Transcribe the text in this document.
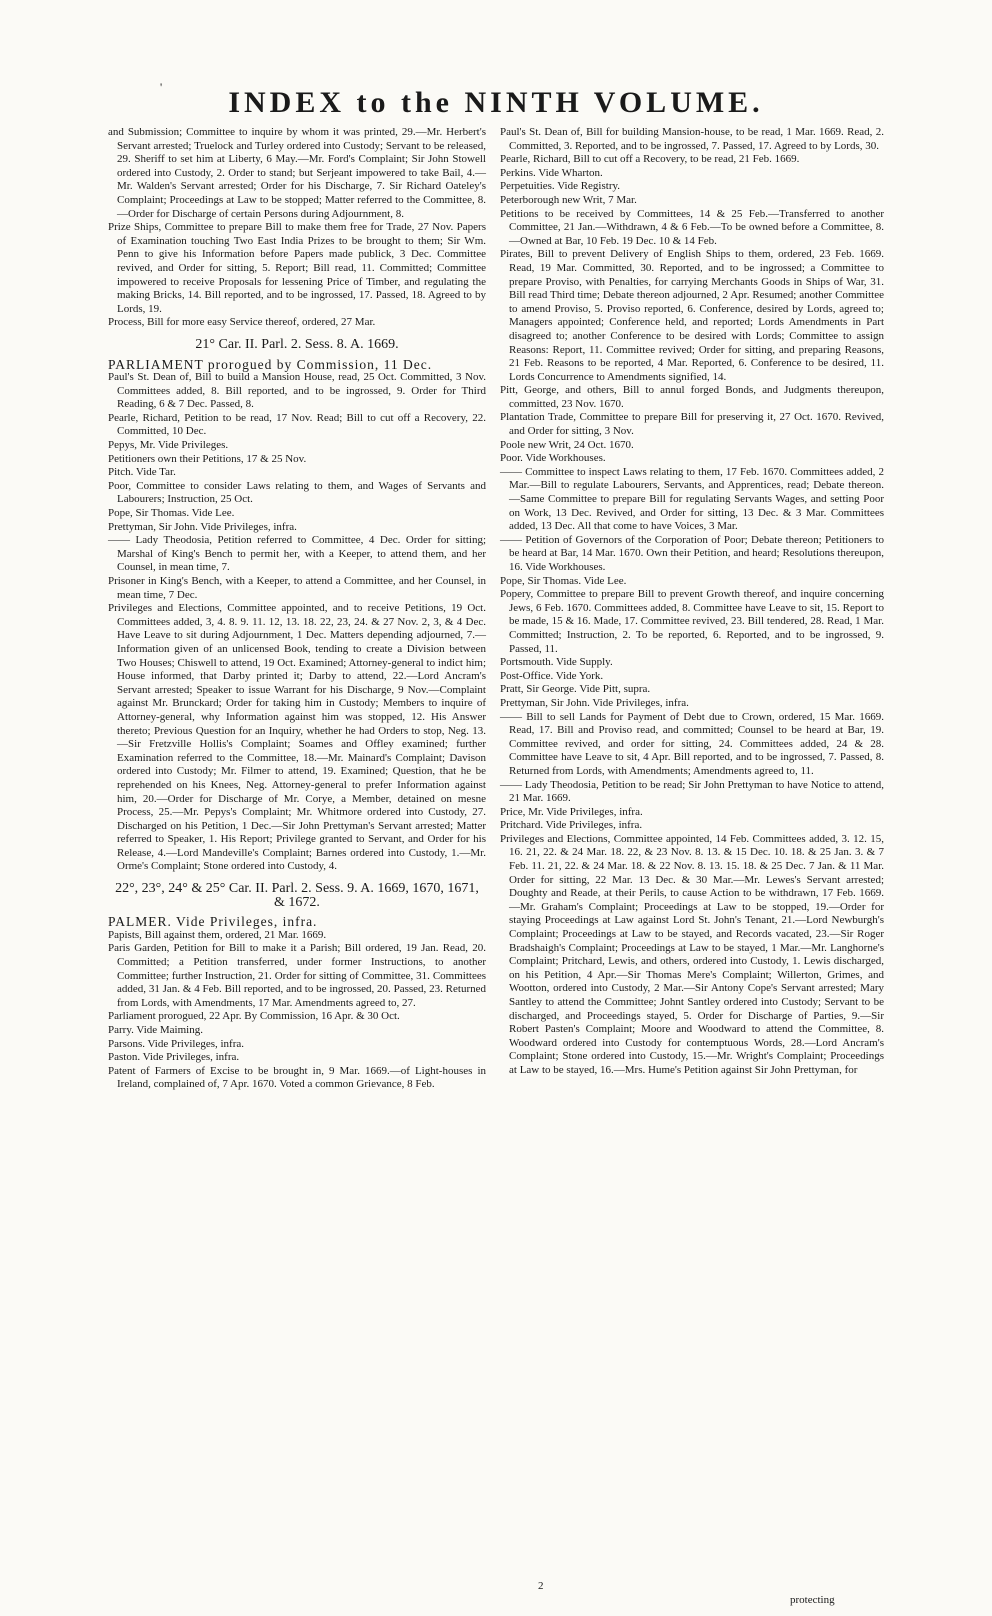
' INDEX to the NINTH VOLUME.

and Submission; Committee to inquire by whom it was printed, 29.—Mr. Herbert's Servant arrested; Truelock and Turley ordered into Custody; Servant to be released, 29. Sheriff to set him at Liberty, 6 May.—Mr. Ford's Complaint; Sir John Stowell ordered into Custody, 2. Order to stand; but Serjeant impowered to take Bail, 4.—Mr. Walden's Servant arrested; Order for his Discharge, 7. Sir Richard Oateley's Complaint; Proceedings at Law to be stopped; Matter referred to the Committee, 8.—Order for Discharge of certain Persons during Adjournment, 8.

Prize Ships, Committee to prepare Bill to make them free for Trade, 27 Nov. Papers of Examination touching Two East India Prizes to be brought to them; Sir Wm. Penn to give his Information before Papers made publick, 3 Dec. Committee revived, and Order for sitting, 5. Report; Bill read, 11. Committed; Committee impowered to receive Proposals for lessening Price of Timber, and regulating the making Bricks, 14. Bill reported, and to be ingrossed, 17. Passed, 18. Agreed to by Lords, 19.

Process, Bill for more easy Service thereof, ordered, 27 Mar.

21° Car. II. Parl. 2. Sess. 8. A. 1669.

PARLIAMENT prorogued by Commission, 11 Dec.

Paul's St. Dean of, Bill to build a Mansion House, read, 25 Oct. Committed, 3 Nov. Committees added, 8. Bill reported, and to be ingrossed, 9. Order for Third Reading, 6 & 7 Dec. Passed, 8.

Pearle, Richard, Petition to be read, 17 Nov. Read; Bill to cut off a Recovery, 22. Committed, 10 Dec.

Pepys, Mr. Vide Privileges.

Petitioners own their Petitions, 17 & 25 Nov.

Pitch. Vide Tar.

Poor, Committee to consider Laws relating to them, and Wages of Servants and Labourers; Instruction, 25 Oct.

Pope, Sir Thomas. Vide Lee.

Prettyman, Sir John. Vide Privileges, infra.

—— Lady Theodosia, Petition referred to Committee, 4 Dec. Order for sitting; Marshal of King's Bench to permit her, with a Keeper, to attend them, and her Counsel, in mean time, 7.

Prisoner in King's Bench, with a Keeper, to attend a Committee, and her Counsel, in mean time, 7 Dec.

Privileges and Elections, Committee appointed, and to receive Petitions, 19 Oct. Committees added, 3, 4. 8. 9. 11. 12, 13. 18. 22, 23, 24. & 27 Nov. 2, 3, & 4 Dec. Have Leave to sit during Adjournment, 1 Dec. Matters depending adjourned, 7.—Information given of an unlicensed Book, tending to create a Division between Two Houses; Chiswell to attend, 19 Oct. Examined; Attorney-general to indict him; House informed, that Darby printed it; Darby to attend, 22.—Lord Ancram's Servant arrested; Speaker to issue Warrant for his Discharge, 9 Nov.—Complaint against Mr. Brunckard; Order for taking him in Custody; Members to inquire of Attorney-general, why Information against him was stopped, 12. His Answer thereto; Previous Question for an Inquiry, whether he had Orders to stop, Neg. 13.—Sir Fretzville Hollis's Complaint; Soames and Offley examined; further Examination referred to the Committee, 18.—Mr. Mainard's Complaint; Davison ordered into Custody; Mr. Filmer to attend, 19. Examined; Question, that he be reprehended on his Knees, Neg. Attorney-general to prefer Information against him, 20.—Order for Discharge of Mr. Corye, a Member, detained on mesne Process, 25.—Mr. Pepys's Complaint; Mr. Whitmore ordered into Custody, 27. Discharged on his Petition, 1 Dec.—Sir John Prettyman's Servant arrested; Matter referred to Speaker, 1. His Report; Privilege granted to Servant, and Order for his Release, 4.—Lord Mandeville's Complaint; Barnes ordered into Custody, 1.—Mr. Orme's Complaint; Stone ordered into Custody, 4.

22°, 23°, 24° & 25° Car. II. Parl. 2. Sess. 9. A. 1669, 1670, 1671, & 1672.

PALMER. Vide Privileges, infra.

Papists, Bill against them, ordered, 21 Mar. 1669.

Paris Garden, Petition for Bill to make it a Parish; Bill ordered, 19 Jan. Read, 20. Committed; a Petition transferred, under former Instructions, to another Committee; further Instruction, 21. Order for sitting of Committee, 31. Committees added, 31 Jan. & 4 Feb. Bill reported, and to be ingrossed, 20. Passed, 23. Returned from Lords, with Amendments, 17 Mar. Amendments agreed to, 27.

Parliament prorogued, 22 Apr. By Commission, 16 Apr. & 30 Oct.

Parry. Vide Maiming.

Parsons. Vide Privileges, infra.

Paston. Vide Privileges, infra.

Patent of Farmers of Excise to be brought in, 9 Mar. 1669.—of Light-houses in Ireland, complained of, 7 Apr. 1670. Voted a common Grievance, 8 Feb.

Paul's St. Dean of, Bill for building Mansion-house, to be read, 1 Mar. 1669. Read, 2. Committed, 3. Reported, and to be ingrossed, 7. Passed, 17. Agreed to by Lords, 30.

Pearle, Richard, Bill to cut off a Recovery, to be read, 21 Feb. 1669.

Perkins. Vide Wharton.

Perpetuities. Vide Registry.

Peterborough new Writ, 7 Mar.

Petitions to be received by Committees, 14 & 25 Feb.—Transferred to another Committee, 21 Jan.—Withdrawn, 4 & 6 Feb.—To be owned before a Committee, 8.—Owned at Bar, 10 Feb. 19 Dec. 10 & 14 Feb.

Pirates, Bill to prevent Delivery of English Ships to them, ordered, 23 Feb. 1669. Read, 19 Mar. Committed, 30. Reported, and to be ingrossed; a Committee to prepare Proviso, with Penalties, for carrying Merchants Goods in Ships of War, 31. Bill read Third time; Debate thereon adjourned, 2 Apr. Resumed; another Committee to amend Proviso, 5. Proviso reported, 6. Conference, desired by Lords, agreed to; Managers appointed; Conference held, and reported; Lords Amendments in Part disagreed to; another Conference to be desired with Lords; Committee to assign Reasons: Report, 11. Committee revived; Order for sitting, and preparing Reasons, 21 Feb. Reasons to be reported, 4 Mar. Reported, 6. Conference to be desired, 11. Lords Concurrence to Amendments signified, 14.

Pitt, George, and others, Bill to annul forged Bonds, and Judgments thereupon, committed, 23 Nov. 1670.

Plantation Trade, Committee to prepare Bill for preserving it, 27 Oct. 1670. Revived, and Order for sitting, 3 Nov.

Poole new Writ, 24 Oct. 1670.

Poor. Vide Workhouses.

—— Committee to inspect Laws relating to them, 17 Feb. 1670. Committees added, 2 Mar.—Bill to regulate Labourers, Servants, and Apprentices, read; Debate thereon.—Same Committee to prepare Bill for regulating Servants Wages, and setting Poor on Work, 13 Dec. Revived, and Order for sitting, 13 Dec. & 3 Mar. Committees added, 13 Dec. All that come to have Voices, 3 Mar.

—— Petition of Governors of the Corporation of Poor; Debate thereon; Petitioners to be heard at Bar, 14 Mar. 1670. Own their Petition, and heard; Resolutions thereupon, 16. Vide Workhouses.

Pope, Sir Thomas. Vide Lee.

Popery, Committee to prepare Bill to prevent Growth thereof, and inquire concerning Jews, 6 Feb. 1670. Committees added, 8. Committee have Leave to sit, 15. Report to be made, 15 & 16. Made, 17. Committee revived, 23. Bill tendered, 28. Read, 1 Mar. Committed; Instruction, 2. To be reported, 6. Reported, and to be ingrossed, 9. Passed, 11.

Portsmouth. Vide Supply.

Post-Office. Vide York.

Pratt, Sir George. Vide Pitt, supra.

Prettyman, Sir John. Vide Privileges, infra.

—— Bill to sell Lands for Payment of Debt due to Crown, ordered, 15 Mar. 1669. Read, 17. Bill and Proviso read, and committed; Counsel to be heard at Bar, 19. Committee revived, and order for sitting, 24. Committees added, 24 & 28. Committee have Leave to sit, 4 Apr. Bill reported, and to be ingrossed, 7. Passed, 8. Returned from Lords, with Amendments; Amendments agreed to, 11.

—— Lady Theodosia, Petition to be read; Sir John Prettyman to have Notice to attend, 21 Mar. 1669.

Price, Mr. Vide Privileges, infra.

Pritchard. Vide Privileges, infra.

Privileges and Elections, Committee appointed, 14 Feb. Committees added, 3. 12. 15, 16. 21, 22. & 24 Mar. 18. 22, & 23 Nov. 8. 13. & 15 Dec. 10. 18. & 25 Jan. 3. & 7 Feb. 11. 21, 22. & 24 Mar. 18. & 22 Nov. 8. 13. 15. 18. & 25 Dec. 7 Jan. & 11 Mar. Order for sitting, 22 Mar. 13 Dec. & 30 Mar.—Mr. Lewes's Servant arrested; Doughty and Reade, at their Perils, to cause Action to be withdrawn, 17 Feb. 1669.—Mr. Graham's Complaint; Proceedings at Law to be stopped, 19.—Order for staying Proceedings at Law against Lord St. John's Tenant, 21.—Lord Newburgh's Complaint; Proceedings at Law to be stayed, and Records vacated, 23.—Sir Roger Bradshaigh's Complaint; Proceedings at Law to be stayed, 1 Mar.—Mr. Langhorne's Complaint; Pritchard, Lewis, and others, ordered into Custody, 1. Lewis discharged, on his Petition, 4 Apr.—Sir Thomas Mere's Complaint; Willerton, Grimes, and Wootton, ordered into Custody, 2 Mar.—Sir Antony Cope's Servant arrested; Mary Santley to attend the Committee; Johnt Santley ordered into Custody; Servant to be discharged, and Proceedings stayed, 5. Order for Discharge of Parties, 9.—Sir Robert Pasten's Complaint; Moore and Woodward to attend the Committee, 8. Woodward ordered into Custody for contemptuous Words, 28.—Lord Ancram's Complaint; Stone ordered into Custody, 15.—Mr. Wright's Complaint; Proceedings at Law to be stayed, 16.—Mrs. Hume's Petition against Sir John Prettyman, for

2
protecting
